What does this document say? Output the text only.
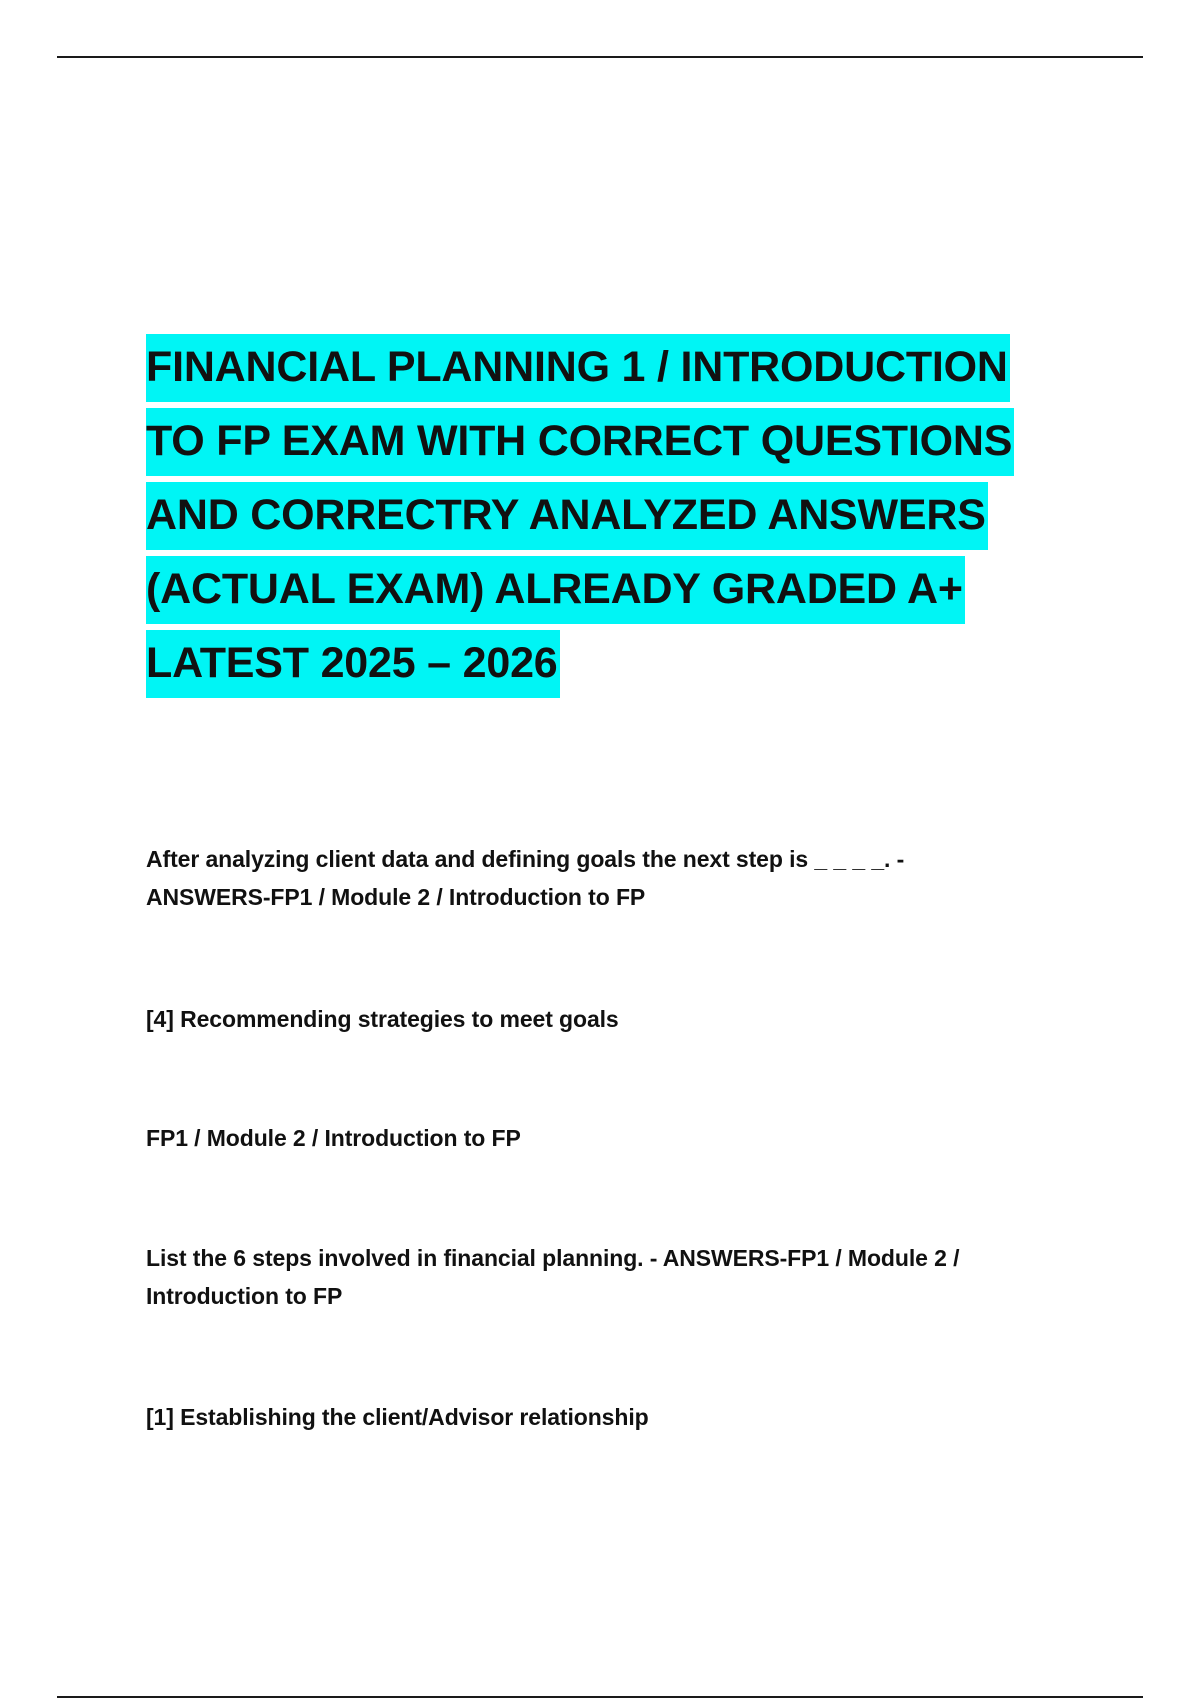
FINANCIAL PLANNING 1 / INTRODUCTION
TO FP EXAM WITH CORRECT QUESTIONS
AND CORRECTRY ANALYZED ANSWERS
(ACTUAL EXAM) ALREADY GRADED A+
LATEST 2025 – 2026

After analyzing client data and defining goals the next step is _ _ _ _. -
ANSWERS-FP1 / Module 2 / Introduction to FP

[4] Recommending strategies to meet goals

FP1 / Module 2 / Introduction to FP

List the 6 steps involved in financial planning. - ANSWERS-FP1 / Module 2 /
Introduction to FP

[1] Establishing the client/Advisor relationship
